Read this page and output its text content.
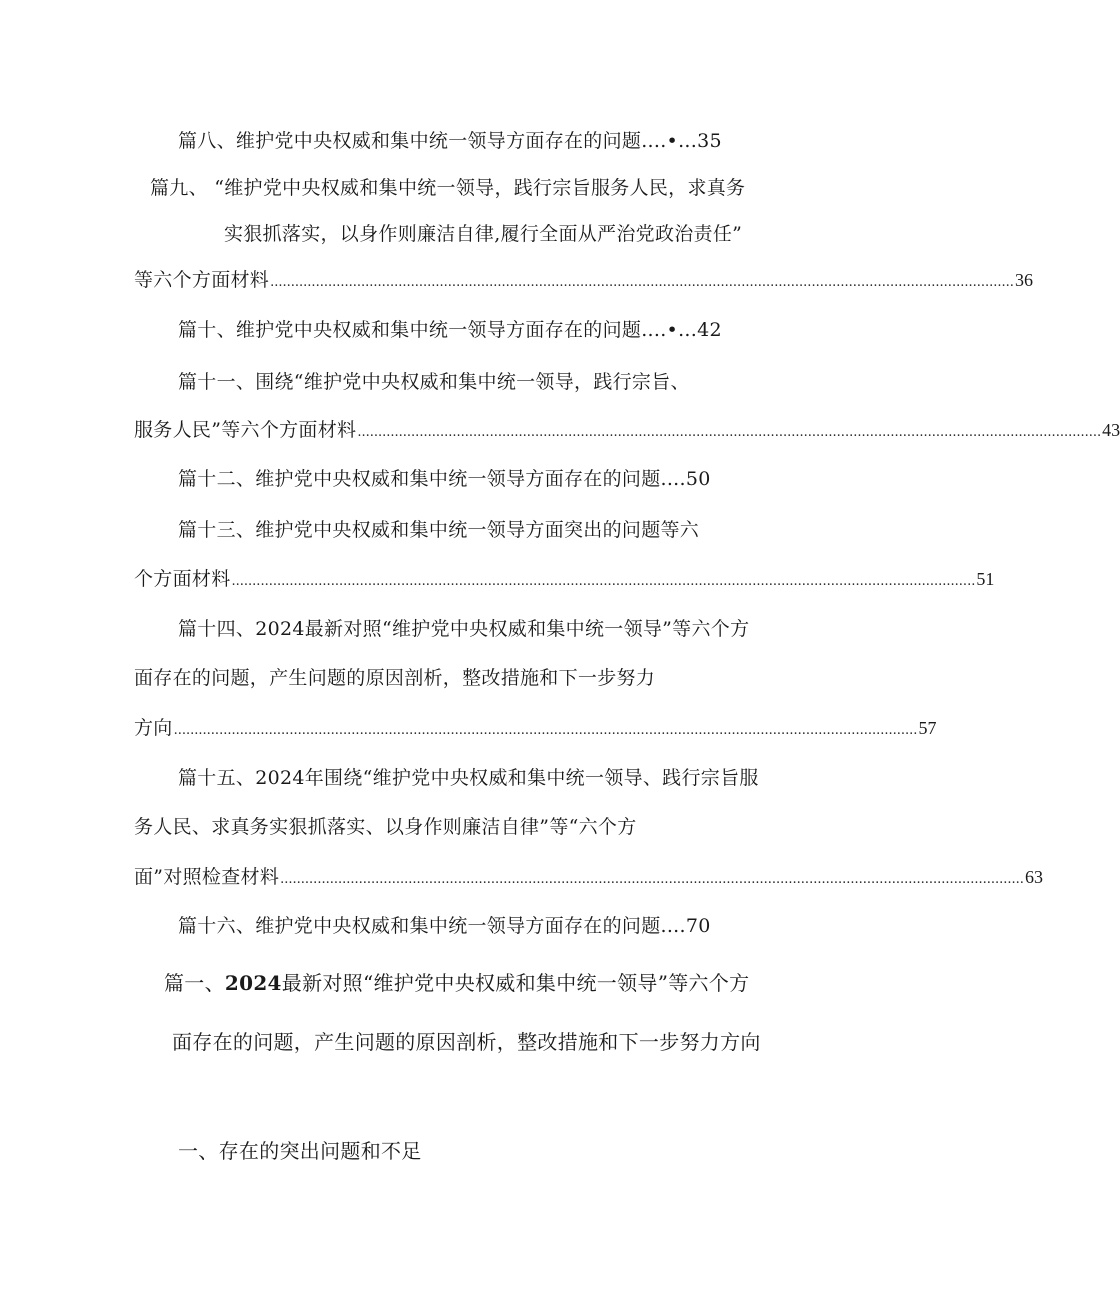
篇八、维护党中央权威和集中统一领导方面存在的问题....•...35
篇九、 “维护党中央权威和集中统一领导，践行宗旨服务人民，求真务
实狠抓落实，以身作则廉洁自律,履行全面从严治党政治责任”
等六个方面材料 .................................................................................................................................................................................... 36
篇十、维护党中央权威和集中统一领导方面存在的问题....•...42
篇十一、围绕“维护党中央权威和集中统一领导，践行宗旨、
服务人民”等六个方面材料 .................................................................................................................................................................................... 43
篇十二、维护党中央权威和集中统一领导方面存在的问题....50
篇十三、维护党中央权威和集中统一领导方面突出的问题等六
个方面材料 .................................................................................................................................................................................... 51
篇十四、2024最新对照“维护党中央权威和集中统一领导”等六个方
面存在的问题，产生问题的原因剖析，整改措施和下一步努力
方向 .................................................................................................................................................................................... 57
篇十五、2024年围绕“维护党中央权威和集中统一领导、践行宗旨服
务人民、求真务实狠抓落实、以身作则廉洁自律”等“六个方
面”对照检查材料 .................................................................................................................................................................................... 63
篇十六、维护党中央权威和集中统一领导方面存在的问题....70
篇一、2024最新对照“维护党中央权威和集中统一领导”等六个方
面存在的问题，产生问题的原因剖析，整改措施和下一步努力方向
一、存在的突出问题和不足
